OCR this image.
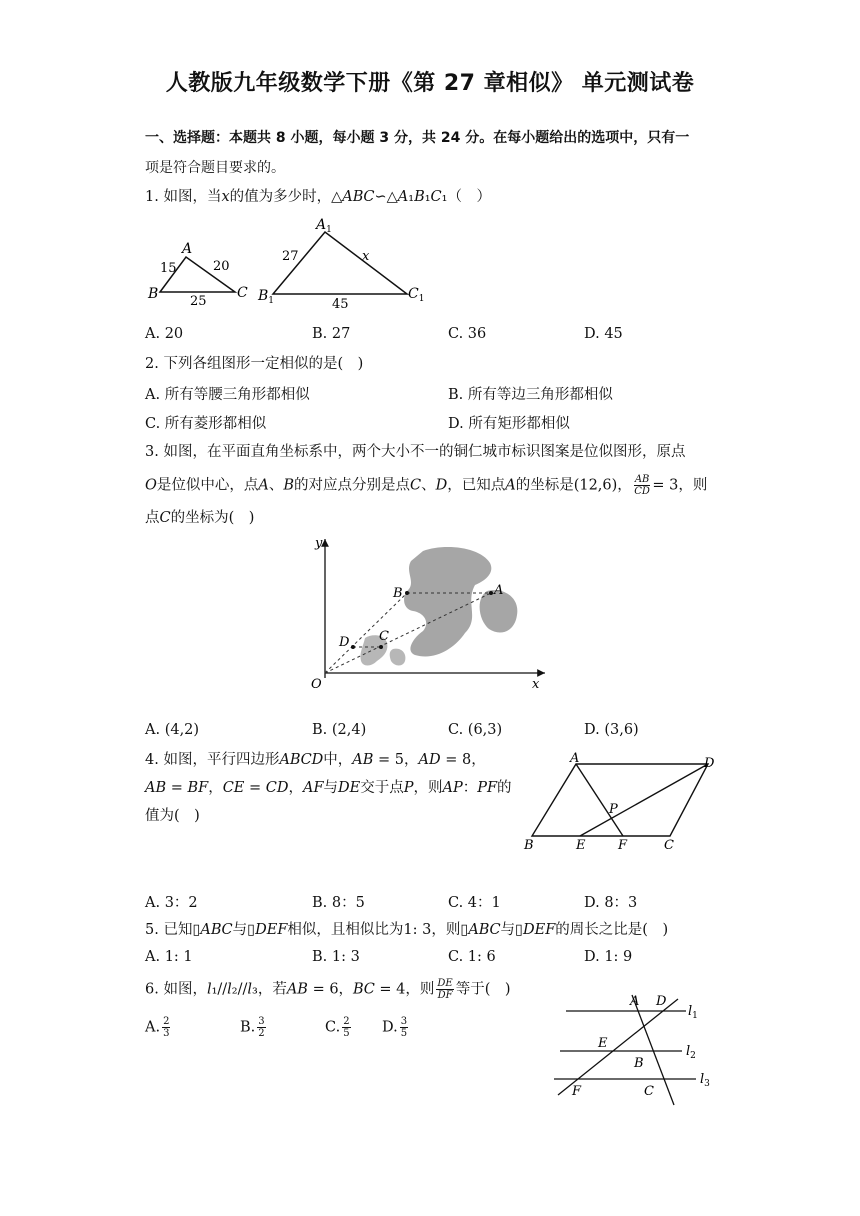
人教版九年级数学下册《第 27 章相似》 单元测试卷
一、选择题：本题共 8 小题，每小题 3 分，共 24 分。在每小题给出的选项中，只有一
项是符合题目要求的。
1. 如图，当𝑥的值为多少时，△𝐴𝐵𝐶∽△𝐴₁𝐵₁𝐶₁（　）
A
B	C
15	20
25
$A_1$
$B_1$	$C_1$
27	x
45
A. 20	B. 27	C. 36	D. 45
2. 下列各组图形一定相似的是(　)
A. 所有等腰三角形都相似	B. 所有等边三角形都相似
C. 所有菱形都相似	D. 所有矩形都相似
3. 如图，在平面直角坐标系中，两个大小不一的铜仁城市标识图案是位似图形，原点
𝑂是位似中心，点𝐴、𝐵的对应点分别是点𝐶、𝐷，已知点𝐴的坐标是(12,6)， $\frac{\text{𝐴𝐵}}{\text{𝐶𝐷}} = 3$，则
点𝐶的坐标为(　)
y
x
O
B	A
D C
A. (4,2)	B. (2,4)	C. (6,3)	D. (3,6)
4. 如图，平行四边形𝐴𝐵𝐶𝐷中，𝐴𝐵 = 5，𝐴𝐷 = 8，
𝐴𝐵 = 𝐵𝐹，𝐶𝐸 = 𝐶𝐷，𝐴𝐹与𝐷𝐸交于点𝑃，则𝐴𝑃：𝑃𝐹的
值为(　)
A	D
B	C
E	F
P
A. 3：2	B. 8：5	C. 4：1	D. 8：3
5. 已知▯𝐴𝐵𝐶与▯𝐷𝐸𝐹相似，且相似比为1: 3，则▯𝐴𝐵𝐶与▯𝐷𝐸𝐹的周长之比是(　)
A. 1: 1	B. 1: 3	C. 1: 6	D. 1: 9
6. 如图，𝑙₁//𝑙₂//𝑙₃，若𝐴𝐵 = 6，𝐵𝐶 = 4，则 $\frac{\text{𝐷𝐸}}{\text{𝐷𝐹}}$ 等于(　)
A. $\frac{2}{3}$	B. $\frac{3}{2}$	C. $\frac{2}{5} D$. $\frac{3}{5}$
A D
E
B
F	C
$l_1$
$l_2$
$l_3$
